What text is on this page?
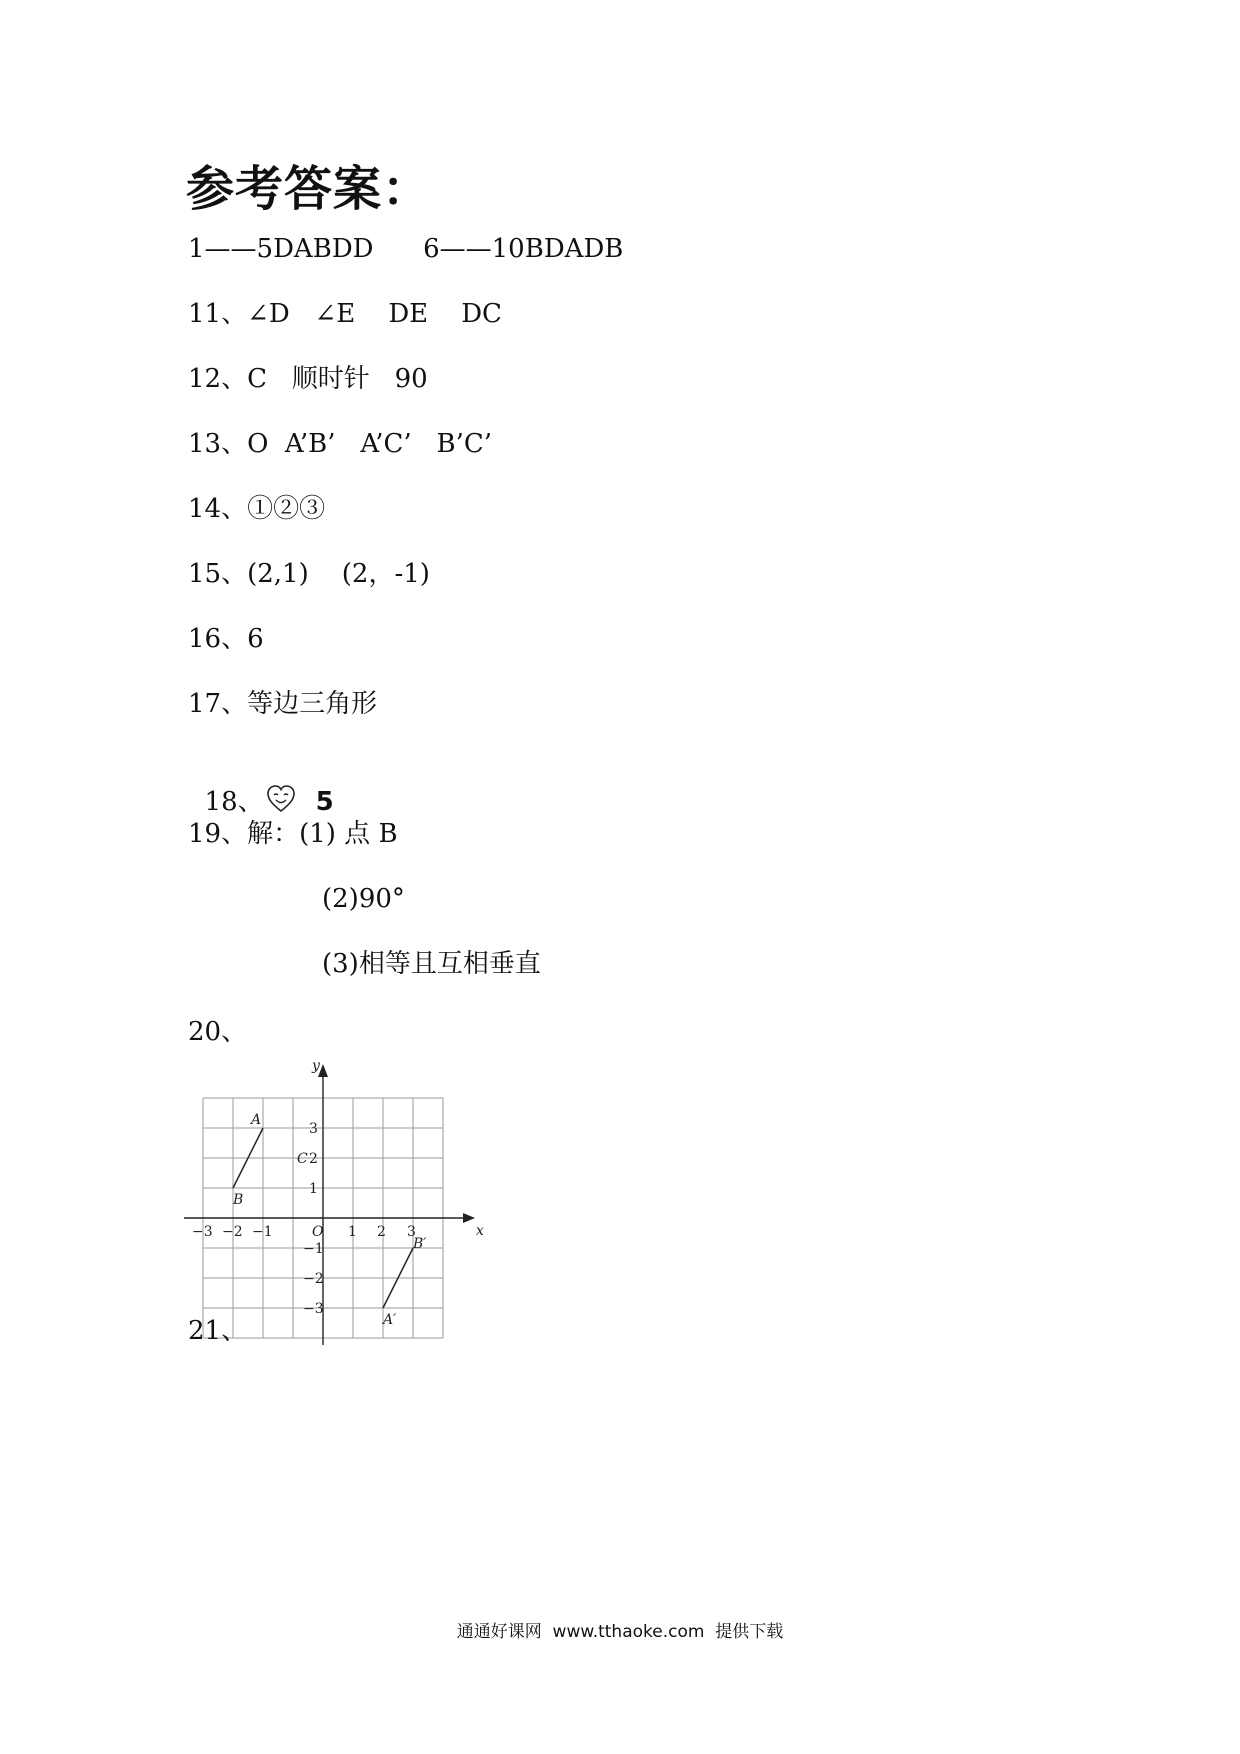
参考答案：
1——5DABDD      6——10BDADB
11、∠D   ∠E    DE    DC
12、C   顺时针   90
13、O  A’B’   A’C’   B’C’
14、①②③
15、(2,1)    (2，-1)
16、6
17、等边三角形

18、 5

19、解：(1) 点 B
(2)90°
(3)相等且互相垂直
20、
x
y
O
−3 −2 −1	1 2 3
3
2
1
−1
−2
−3
A
B
C
A′
B′
21、
通通好课网  www.tthaoke.com  提供下载
